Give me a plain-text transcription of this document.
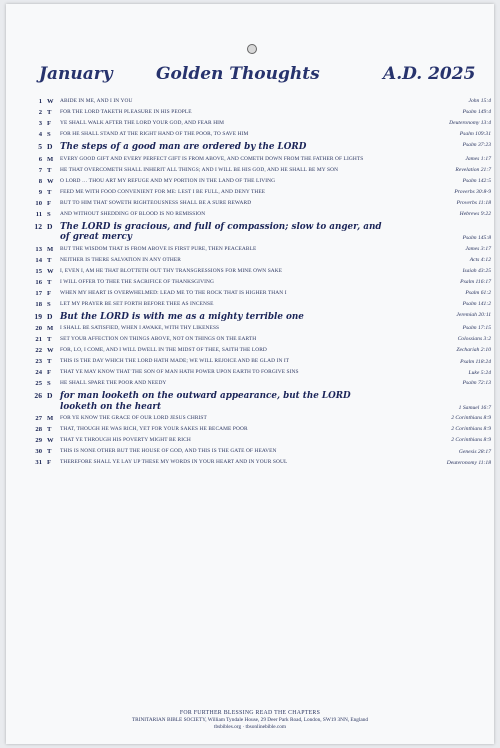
January	Golden Thoughts	A.D. 2025
1 W	ABIDE IN ME, AND I IN YOU	John 15:4
2 T	FOR THE LORD TAKETH PLEASURE IN HIS PEOPLE	Psalm 149:4
3 F	YE SHALL WALK AFTER THE LORD YOUR GOD, AND FEAR HIM	Deuteronomy 13:4
4 S	FOR HE SHALL STAND AT THE RIGHT HAND OF THE POOR, TO SAVE HIM	Psalm 109:31
5 D The steps of a good man are ordered by the LORD	Psalm 37:23
6 M	EVERY GOOD GIFT AND EVERY PERFECT GIFT IS FROM ABOVE, AND COMETH DOWN FROM THE FATHER OF LIGHTS	James 1:17
7 T	HE THAT OVERCOMETH SHALL INHERIT ALL THINGS; AND I WILL BE HIS GOD, AND HE SHALL BE MY SON	Revelation 21:7
8 W	O LORD … THOU ART MY REFUGE AND MY PORTION IN THE LAND OF THE LIVING	Psalm 142:5
9 T	FEED ME WITH FOOD CONVENIENT FOR ME: LEST I BE FULL, AND DENY THEE	Proverbs 30:8-9
10 F	BUT TO HIM THAT SOWETH RIGHTEOUSNESS SHALL BE A SURE REWARD	Proverbs 11:18
11 S	AND WITHOUT SHEDDING OF BLOOD IS NO REMISSION	Hebrews 9:22
12 D The LORD is gracious, and full of compassion; slow to anger, and of great mercy	Psalm 145:8
13 M	BUT THE WISDOM THAT IS FROM ABOVE IS FIRST PURE, THEN PEACEABLE	James 3:17
14 T	NEITHER IS THERE SALVATION IN ANY OTHER	Acts 4:12
15 W	I, EVEN I, AM HE THAT BLOTTETH OUT THY TRANSGRESSIONS FOR MINE OWN SAKE	Isaiah 43:25
16 T	I WILL OFFER TO THEE THE SACRIFICE OF THANKSGIVING	Psalm 116:17
17 F	WHEN MY HEART IS OVERWHELMED: LEAD ME TO THE ROCK THAT IS HIGHER THAN I	Psalm 61:2
18 S	LET MY PRAYER BE SET FORTH BEFORE THEE AS INCENSE	Psalm 141:2
19 D But the LORD is with me as a mighty terrible one	Jeremiah 20:11
20 M	I SHALL BE SATISFIED, WHEN I AWAKE, WITH THY LIKENESS	Psalm 17:15
21 T	SET YOUR AFFECTION ON THINGS ABOVE, NOT ON THINGS ON THE EARTH	Colossians 3:2
22 W	FOR, LO, I COME, AND I WILL DWELL IN THE MIDST OF THEE, SAITH THE LORD	Zechariah 2:10
23 T	THIS IS THE DAY WHICH THE LORD HATH MADE; WE WILL REJOICE AND BE GLAD IN IT	Psalm 118:24
24 F	THAT YE MAY KNOW THAT THE SON OF MAN HATH POWER UPON EARTH TO FORGIVE SINS	Luke 5:24
25 S	HE SHALL SPARE THE POOR AND NEEDY	Psalm 72:13
26 D for man looketh on the outward appearance, but the LORD looketh on the heart	1 Samuel 16:7
27 M	FOR YE KNOW THE GRACE OF OUR LORD JESUS CHRIST	2 Corinthians 8:9
28 T	THAT, THOUGH HE WAS RICH, YET FOR YOUR SAKES HE BECAME POOR	2 Corinthians 8:9
29 W	THAT YE THROUGH HIS POVERTY MIGHT BE RICH	2 Corinthians 8:9
30 T	THIS IS NONE OTHER BUT THE HOUSE OF GOD, AND THIS IS THE GATE OF HEAVEN	Genesis 28:17
31 F	THEREFORE SHALL YE LAY UP THESE MY WORDS IN YOUR HEART AND IN YOUR SOUL	Deuteronomy 11:18
FOR FURTHER BLESSING READ THE CHAPTERS
TRINITARIAN BIBLE SOCIETY, William Tyndale House, 29 Deer Park Road, London, SW19 3NN, England
tbsbibles.org · tbsonlinebible.com
